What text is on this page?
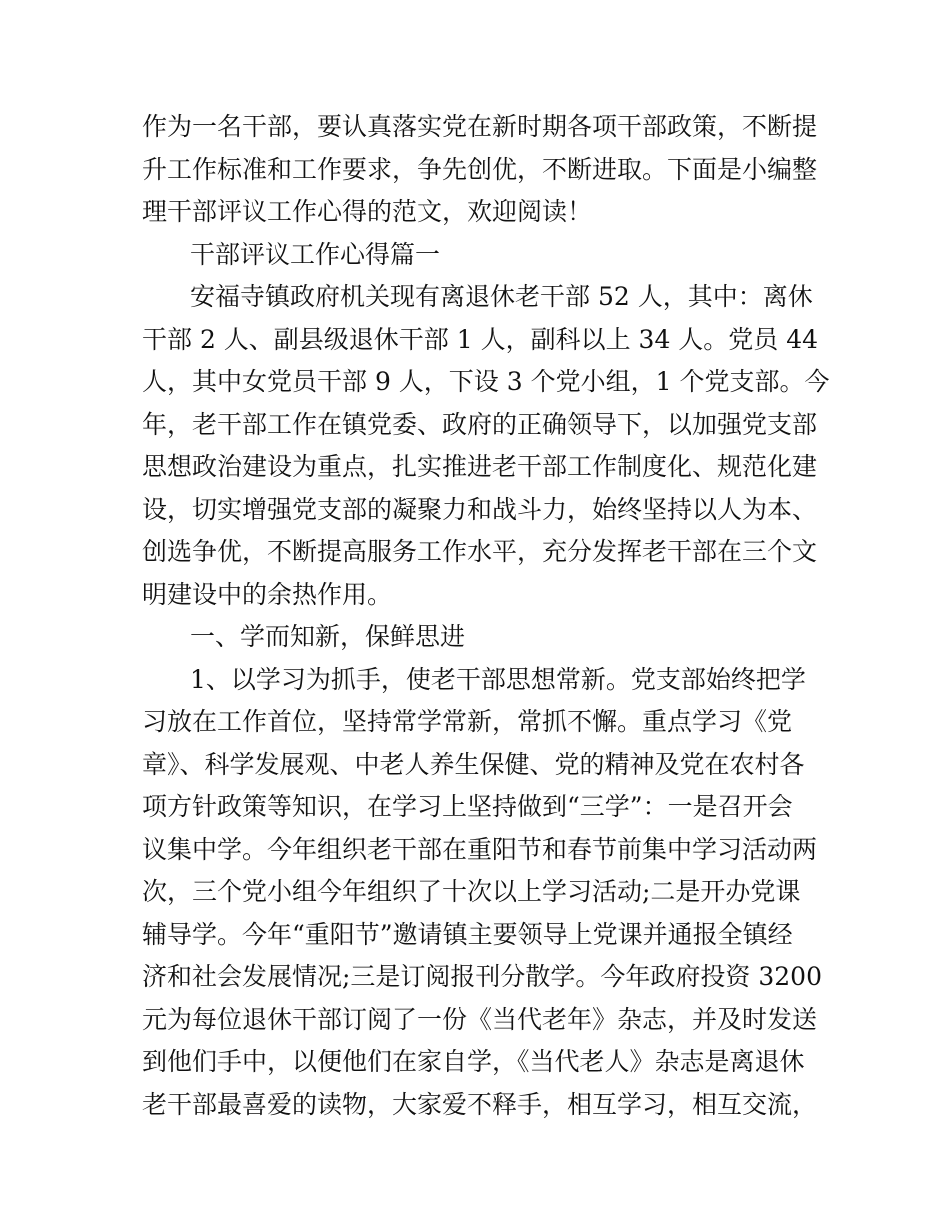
作为一名干部，要认真落实党在新时期各项干部政策，不断提
升工作标准和工作要求，争先创优，不断进取。下面是小编整
理干部评议工作心得的范文，欢迎阅读！
干部评议工作心得篇一
安福寺镇政府机关现有离退休老干部 52 人，其中：离休
干部 2 人、副县级退休干部 1 人，副科以上 34 人。党员 44
人，其中女党员干部 9 人，下设 3 个党小组，1 个党支部。今
年，老干部工作在镇党委、政府的正确领导下，以加强党支部
思想政治建设为重点，扎实推进老干部工作制度化、规范化建
设，切实增强党支部的凝聚力和战斗力，始终坚持以人为本、
创选争优，不断提高服务工作水平，充分发挥老干部在三个文
明建设中的余热作用。
一、学而知新，保鲜思进
1、以学习为抓手，使老干部思想常新。党支部始终把学
习放在工作首位，坚持常学常新，常抓不懈。重点学习《党
章》、科学发展观、中老人养生保健、党的精神及党在农村各
项方针政策等知识，在学习上坚持做到“三学”：一是召开会
议集中学。今年组织老干部在重阳节和春节前集中学习活动两
次，三个党小组今年组织了十次以上学习活动;二是开办党课
辅导学。今年“重阳节”邀请镇主要领导上党课并通报全镇经
济和社会发展情况;三是订阅报刊分散学。今年政府投资 3200
元为每位退休干部订阅了一份《当代老年》杂志，并及时发送
到他们手中，以便他们在家自学，《当代老人》杂志是离退休
老干部最喜爱的读物，大家爱不释手，相互学习，相互交流，
